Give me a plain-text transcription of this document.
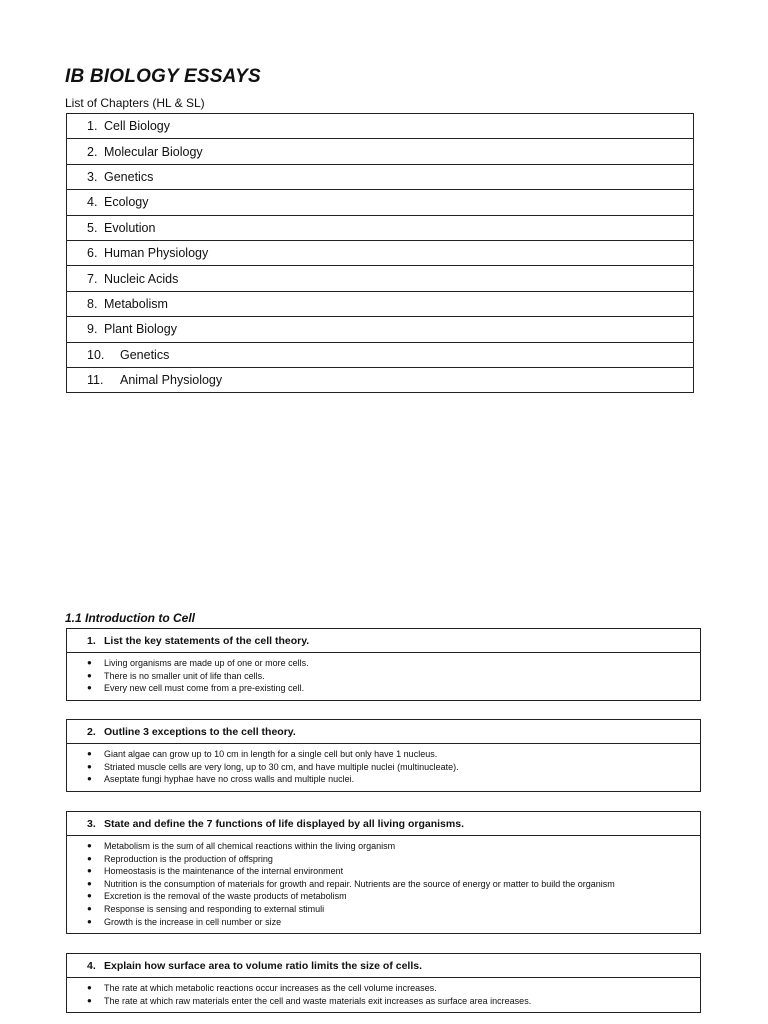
IB BIOLOGY ESSAYS
List of Chapters (HL & SL)
1. Cell Biology
2. Molecular Biology
3. Genetics
4. Ecology
5. Evolution
6. Human Physiology
7. Nucleic Acids
8. Metabolism
9. Plant Biology
10. Genetics
11. Animal Physiology
1.1 Introduction to Cell
1. List the key statements of the cell theory.
●	Living organisms are made up of one or more cells.
●	There is no smaller unit of life than cells.
●	Every new cell must come from a pre-existing cell.
2. Outline 3 exceptions to the cell theory.
●	Giant algae can grow up to 10 cm in length for a single cell but only have 1 nucleus.
●	Striated muscle cells are very long, up to 30 cm, and have multiple nuclei (multinucleate).
●	Aseptate fungi hyphae have no cross walls and multiple nuclei.
3. State and define the 7 functions of life displayed by all living organisms.
●	Metabolism is the sum of all chemical reactions within the living organism
●	Reproduction is the production of offspring
●	Homeostasis is the maintenance of the internal environment
●	Nutrition is the consumption of materials for growth and repair. Nutrients are the source of energy or matter to build the organism
●	Excretion is the removal of the waste products of metabolism
●	Response is sensing and responding to external stimuli
●	Growth is the increase in cell number or size
4. Explain how surface area to volume ratio limits the size of cells.
●	The rate at which metabolic reactions occur increases as the cell volume increases.
●	The rate at which raw materials enter the cell and waste materials exit increases as surface area increases.
